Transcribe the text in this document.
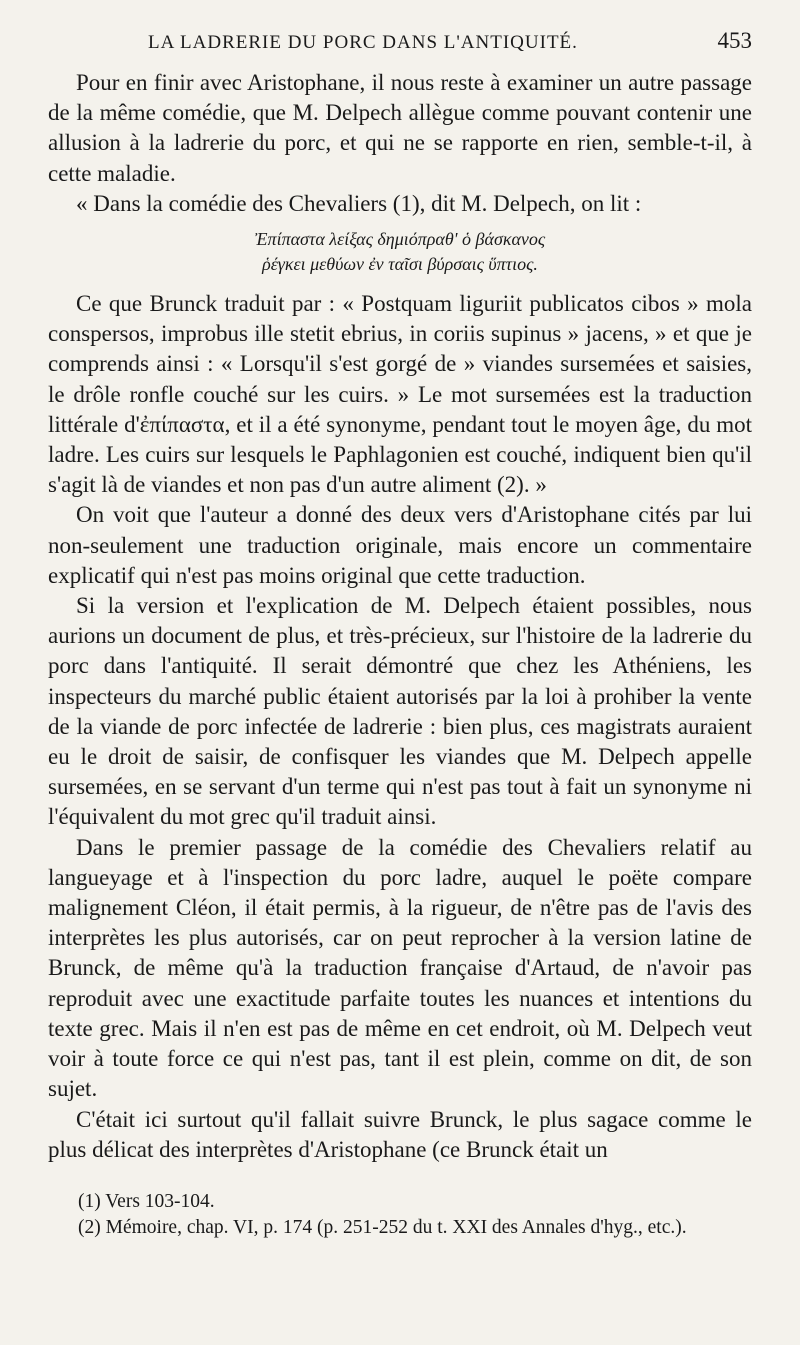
LA LADRERIE DU PORC DANS L'ANTIQUITÉ.	453

Pour en finir avec Aristophane, il nous reste à examiner un autre passage de la même comédie, que M. Delpech allègue comme pouvant contenir une allusion à la ladrerie du porc, et qui ne se rapporte en rien, semble-t-il, à cette maladie.

« Dans la comédie des Chevaliers (1), dit M. Delpech, on lit :

Ἐπίπαστα λείξας δημιόπραθ' ὁ βάσκανος
ῥέγκει μεθύων ἐν ταῖσι βύρσαις ὕπτιος.

Ce que Brunck traduit par : « Postquam liguriit publicatos cibos » mola conspersos, improbus ille stetit ebrius, in coriis supinus » jacens, » et que je comprends ainsi : « Lorsqu'il s'est gorgé de » viandes sursemées et saisies, le drôle ronfle couché sur les cuirs. » Le mot sursemées est la traduction littérale d'ἐπίπαστα, et il a été synonyme, pendant tout le moyen âge, du mot ladre. Les cuirs sur lesquels le Paphlagonien est couché, indiquent bien qu'il s'agit là de viandes et non pas d'un autre aliment (2). »

On voit que l'auteur a donné des deux vers d'Aristophane cités par lui non-seulement une traduction originale, mais encore un commentaire explicatif qui n'est pas moins original que cette traduction.

Si la version et l'explication de M. Delpech étaient possibles, nous aurions un document de plus, et très-précieux, sur l'histoire de la ladrerie du porc dans l'antiquité. Il serait démontré que chez les Athéniens, les inspecteurs du marché public étaient autorisés par la loi à prohiber la vente de la viande de porc infectée de ladrerie : bien plus, ces magistrats auraient eu le droit de saisir, de confisquer les viandes que M. Delpech appelle sursemées, en se servant d'un terme qui n'est pas tout à fait un synonyme ni l'équivalent du mot grec qu'il traduit ainsi.

Dans le premier passage de la comédie des Chevaliers relatif au langueyage et à l'inspection du porc ladre, auquel le poëte compare malignement Cléon, il était permis, à la rigueur, de n'être pas de l'avis des interprètes les plus autorisés, car on peut reprocher à la version latine de Brunck, de même qu'à la traduction française d'Artaud, de n'avoir pas reproduit avec une exactitude parfaite toutes les nuances et intentions du texte grec. Mais il n'en est pas de même en cet endroit, où M. Delpech veut voir à toute force ce qui n'est pas, tant il est plein, comme on dit, de son sujet.

C'était ici surtout qu'il fallait suivre Brunck, le plus sagace comme le plus délicat des interprètes d'Aristophane (ce Brunck était un

(1) Vers 103-104.
(2) Mémoire, chap. VI, p. 174 (p. 251-252 du t. XXI des Annales d'hyg., etc.).
